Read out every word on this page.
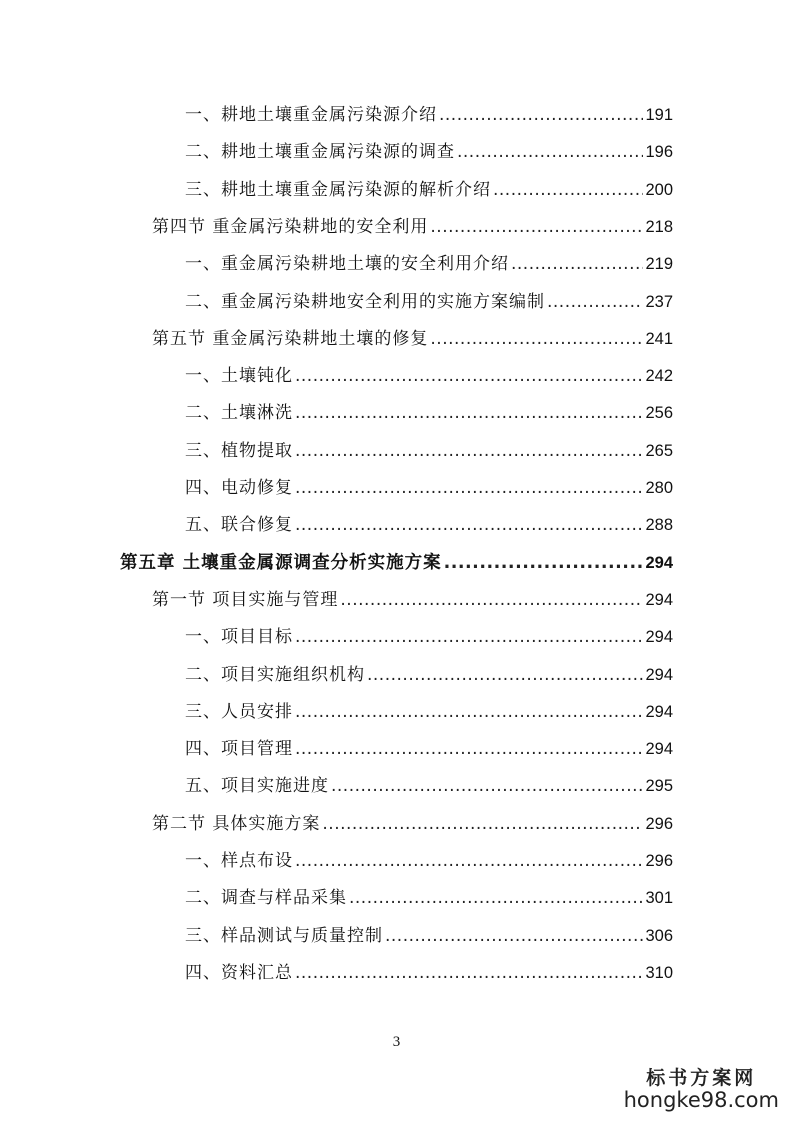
一、耕地土壤重金属污染源介绍 .....	191
二、耕地土壤重金属污染源的调查 .....	196
三、耕地土壤重金属污染源的解析介绍 .....	200
第四节 重金属污染耕地的安全利用 .....	218
一、重金属污染耕地土壤的安全利用介绍 .....	219
二、重金属污染耕地安全利用的实施方案编制 .....	237
第五节 重金属污染耕地土壤的修复 .....	241
一、土壤钝化 .....	242
二、土壤淋洗 .....	256
三、植物提取 .....	265
四、电动修复 .....	280
五、联合修复 .....	288
第五章 土壤重金属源调查分析实施方案 .....	294
第一节 项目实施与管理 .....	294
一、项目目标 .....	294
二、项目实施组织机构 .....	294
三、人员安排 .....	294
四、项目管理 .....	294
五、项目实施进度 .....	295
第二节 具体实施方案 .....	296
一、样点布设 .....	296
二、调查与样品采集 .....	301
三、样品测试与质量控制 .....	306
四、资料汇总 .....	310
3
标书方案网
hongke98.com
